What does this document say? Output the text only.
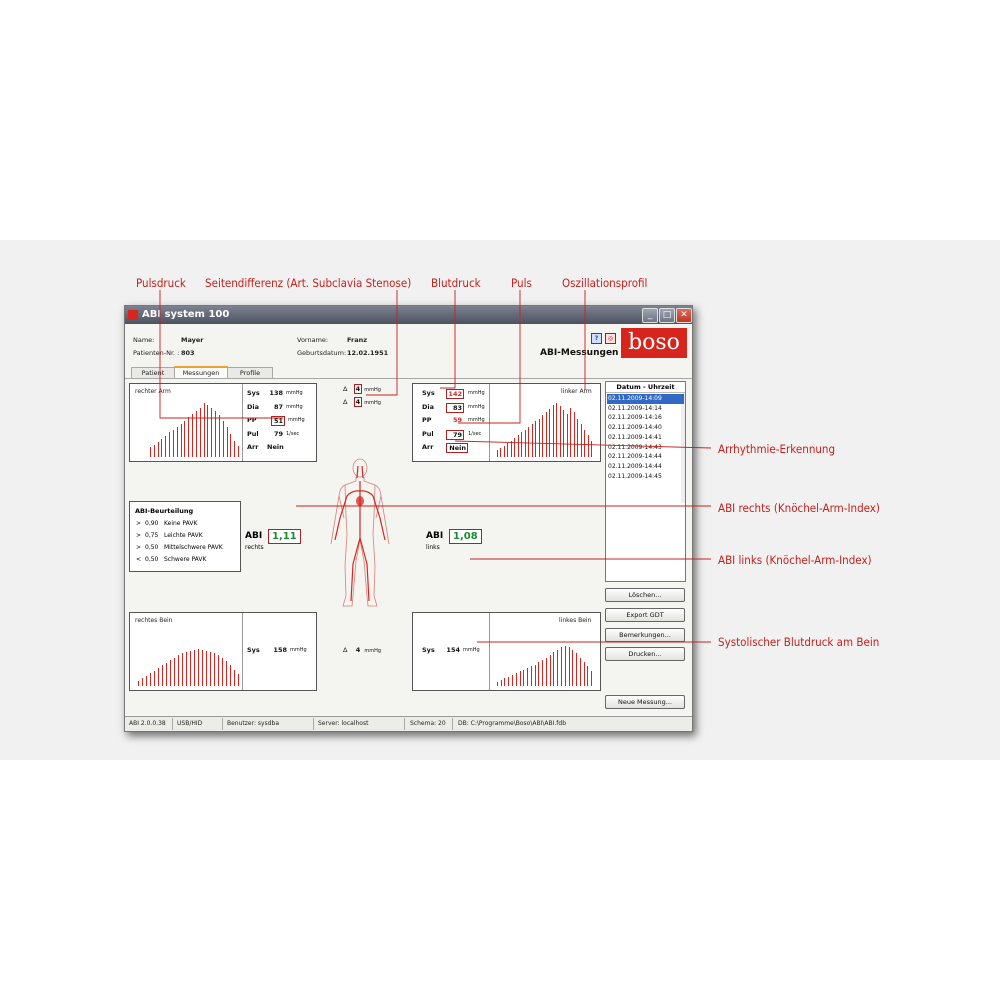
Pulsdruck Seitendifferenz (Art. Subclavia Stenose) Blutdruck	Puls	Oszillationsprofil
Arrhythmie-Erkennung
ABI rechts (Knöchel-Arm-Index)
ABI links (Knöchel-Arm-Index)
Systolischer Blutdruck am Bein
ABI system 100	_	□ ✕
Name:	Mayer
Patienten-Nr. : 803
Vorname:	Franz
Geburtsdatum: 12.02.1951
?	◎
ABI-Messungen boso
Patient	Messungen	Profile
rechter Arm	Sys	138 mmHg
Dia	87 mmHg
PP	51	mmHg
Pul	79 1/sec
Arr Nein
Δ 4 mmHg
Δ 4 mmHg
Sys	142	mmHg
Dia	83	mmHg
PP	59 mmHg
Pul	79	1/sec
Arr	Nein
linker Arm
ABI-Beurteilung
> 0,90 Keine PAVK
> 0,75 Leichte PAVK
> 0,50 Mittelschwere PAVK
< 0,50 Schwere PAVK
ABI 1,11
rechts
ABI 1,08
links
rechtes Bein
Sys 158 mmHg	Δ 4 mmHg	Sys 154 mmHg
linkes Bein
Datum - Uhrzeit
02.11.2009-14:09
02.11.2009-14:14
02.11.2009-14:16
02.11.2009-14:40
02.11.2009-14:41
02.11.2009-14:43
02.11.2009-14:44
02.11.2009-14:44
02.11.2009-14:45
Löschen...
Export GDT
Bemerkungen...
Drucken...
Neue Messung...
ABI 2.0.0.38 USB/HID	Benutzer: sysdba	Server: localhost	Schema: 20 DB: C:\Programme\Boso\ABI\ABI.fdb
